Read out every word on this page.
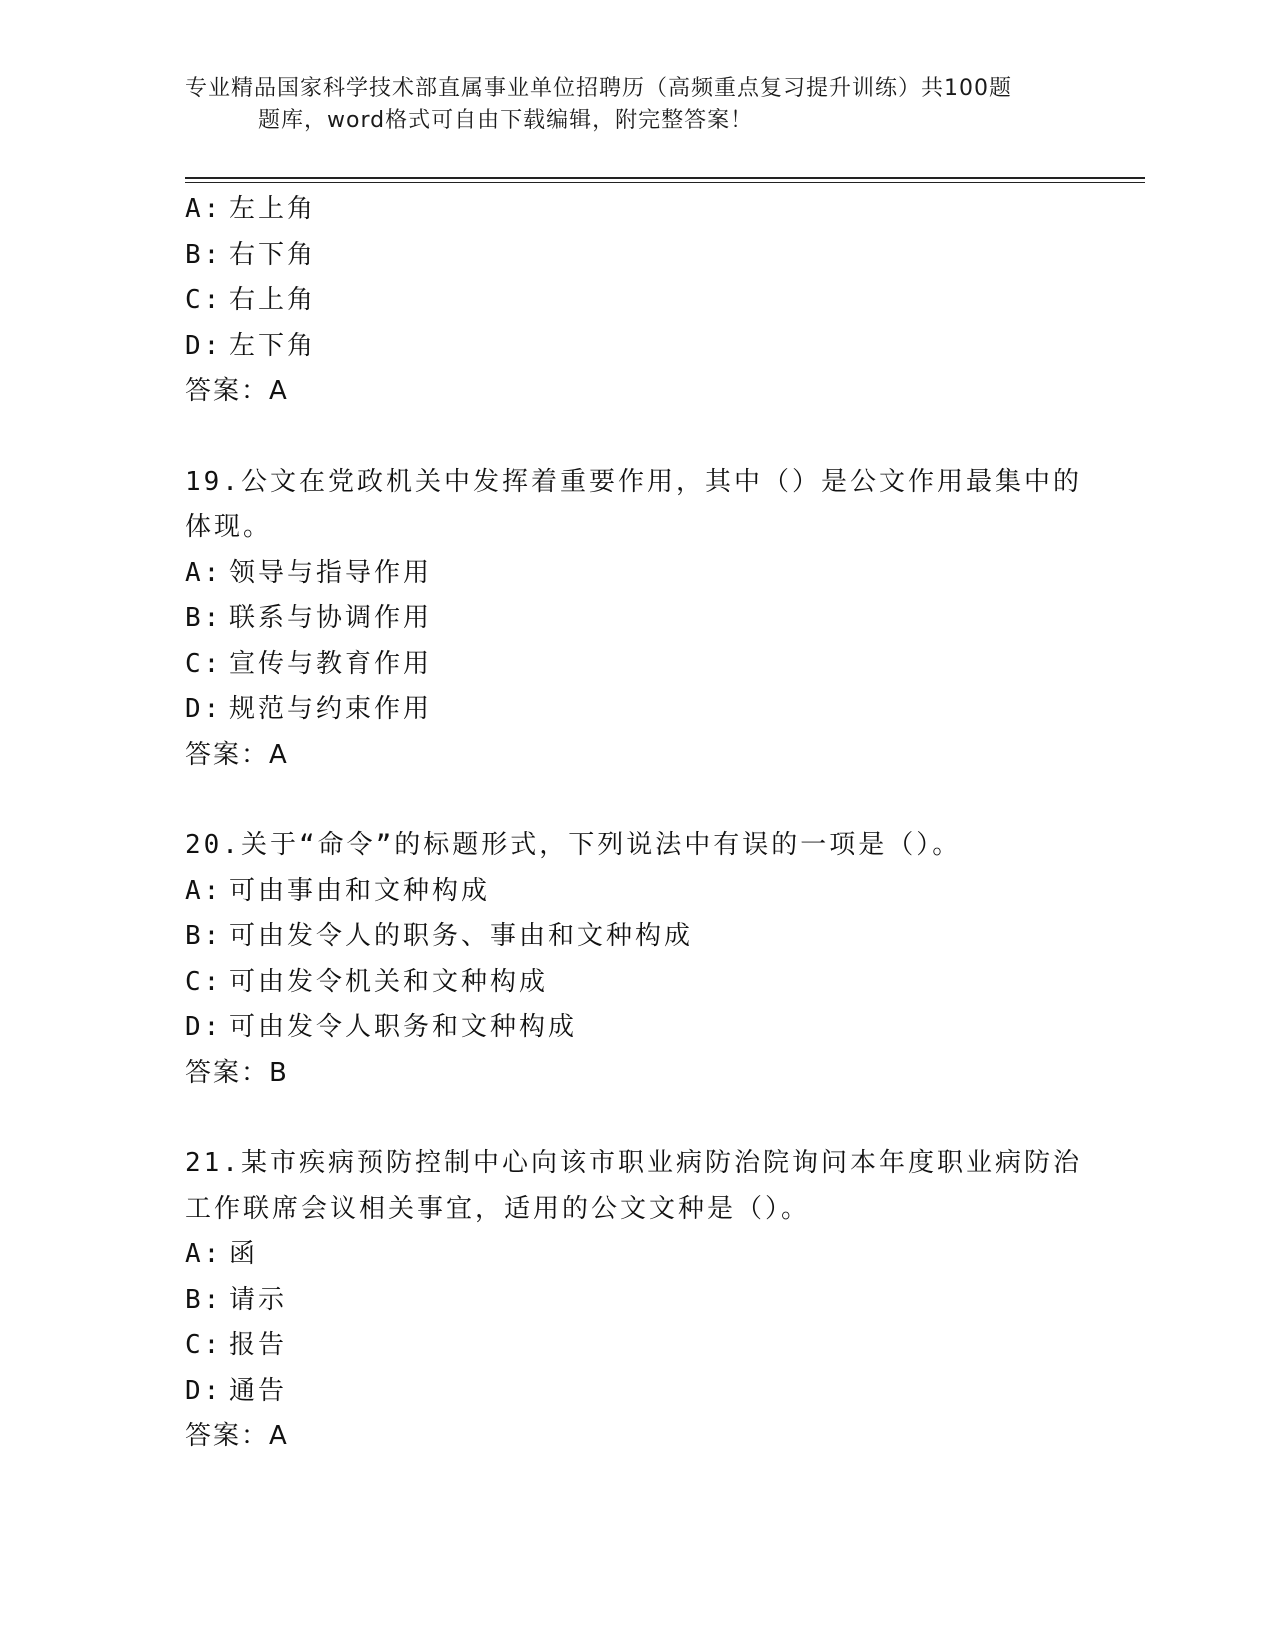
专业精品国家科学技术部直属事业单位招聘历（高频重点复习提升训练）共100题
题库，word格式可自由下载编辑，附完整答案！
A: 左上角
B: 右下角
C: 右上角
D: 左下角
答案：A
19.公文在党政机关中发挥着重要作用，其中（）是公文作用最集中的
体现。
A: 领导与指导作用
B: 联系与协调作用
C: 宣传与教育作用
D: 规范与约束作用
答案：A
20.关于“命令”的标题形式，下列说法中有误的一项是（）。
A: 可由事由和文种构成
B: 可由发令人的职务、事由和文种构成
C: 可由发令机关和文种构成
D: 可由发令人职务和文种构成
答案：B
21.某市疾病预防控制中心向该市职业病防治院询问本年度职业病防治
工作联席会议相关事宜，适用的公文文种是（）。
A: 函
B: 请示
C: 报告
D: 通告
答案：A
